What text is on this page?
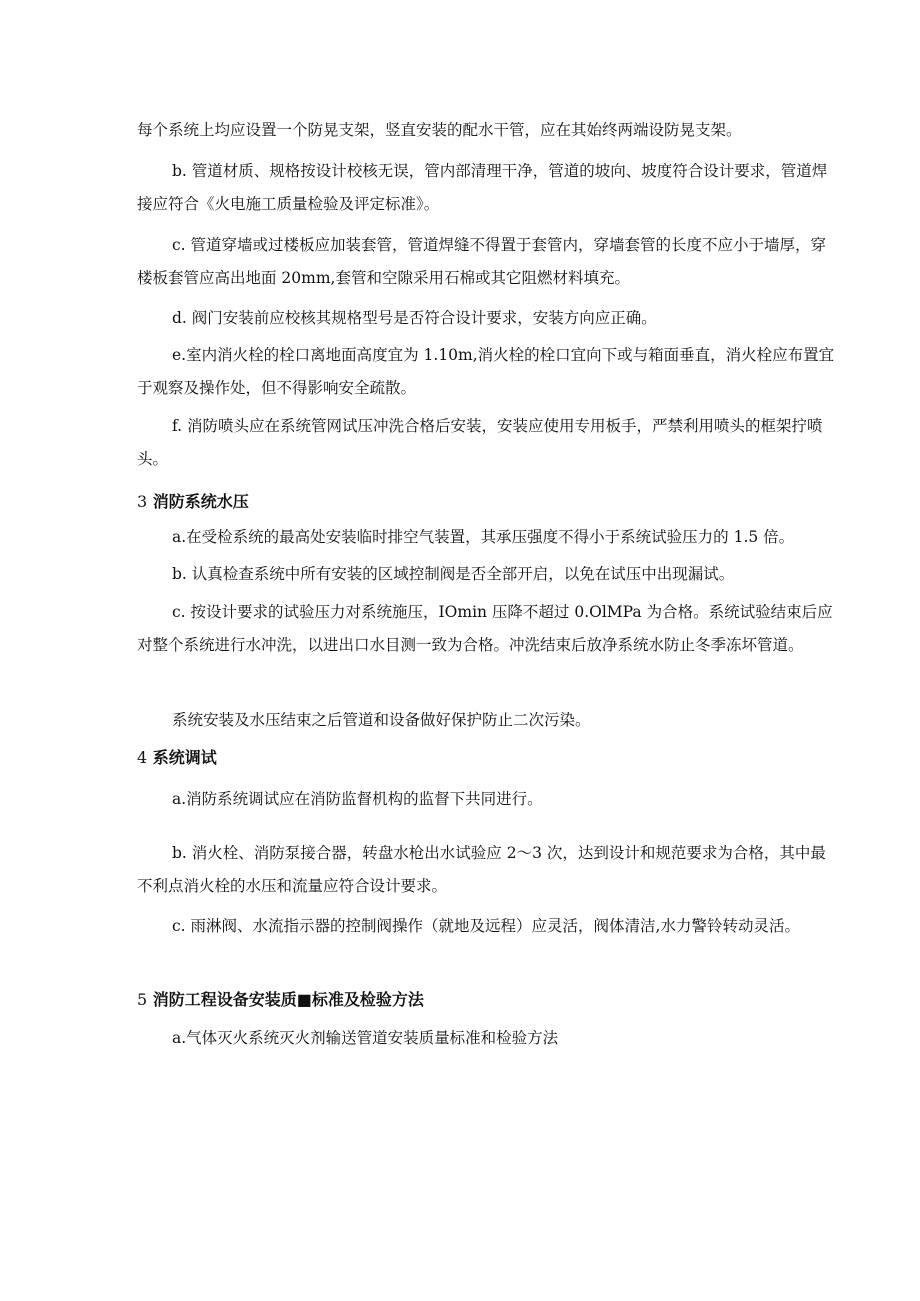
每个系统上均应设置一个防晃支架，竖直安装的配水干管，应在其始终两端设防晃支架。

b. 管道材质、规格按设计校核无误，管内部清理干净，管道的坡向、坡度符合设计要求，管道焊接应符合《火电施工质量检验及评定标准》。

c. 管道穿墙或过楼板应加装套管，管道焊缝不得置于套管内，穿墙套管的长度不应小于墙厚，穿楼板套管应高出地面 20mm,套管和空隙采用石棉或其它阻燃材料填充。

d. 阀门安装前应校核其规格型号是否符合设计要求，安装方向应正确。

e.室内消火栓的栓口离地面高度宜为 1.10m,消火栓的栓口宜向下或与箱面垂直，消火栓应布置宜于观察及操作处，但不得影响安全疏散。

f. 消防喷头应在系统管网试压冲洗合格后安装，安装应使用专用板手，严禁利用喷头的框架拧喷头。

3 消防系统水压

a.在受检系统的最高处安装临时排空气装置，其承压强度不得小于系统试验压力的 1.5 倍。

b. 认真检查系统中所有安装的区域控制阀是否全部开启，以免在试压中出现漏试。

c. 按设计要求的试验压力对系统施压，IOmin 压降不超过 0.OlMPa 为合格。系统试验结束后应对整个系统进行水冲洗，以进出口水目测一致为合格。冲洗结束后放净系统水防止冬季冻坏管道。

系统安装及水压结束之后管道和设备做好保护防止二次污染。

4 系统调试

a.消防系统调试应在消防监督机构的监督下共同进行。

b. 消火栓、消防泵接合器，转盘水枪出水试验应 2～3 次，达到设计和规范要求为合格，其中最不利点消火栓的水压和流量应符合设计要求。

c. 雨淋阀、水流指示器的控制阀操作（就地及远程）应灵活，阀体清洁,水力警铃转动灵活。

5 消防工程设备安装质■标准及检验方法

a.气体灭火系统灭火剂输送管道安装质量标准和检验方法
